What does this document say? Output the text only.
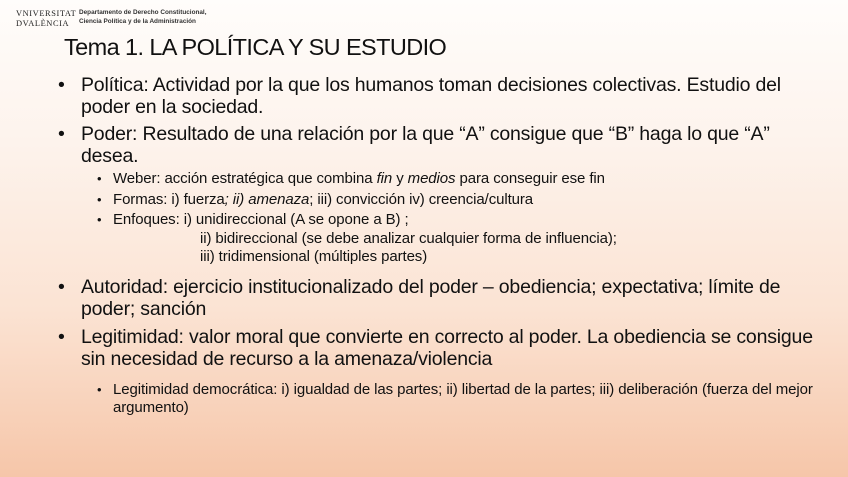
VNIVERSITAT
DVALÈNCIA
Departamento de Derecho Constitucional,
Ciencia Política y de la Administración
Tema 1. LA POLÍTICA Y SU ESTUDIO
• Política: Actividad por la que los humanos toman decisiones colectivas. Estudio del poder en la sociedad.
• Poder: Resultado de una relación por la que “A” consigue que “B” haga lo que “A” desea.
• Weber: acción estratégica que combina fin y medios para conseguir ese fin
• Formas: i) fuerza; ii) amenaza; iii) convicción iv) creencia/cultura
• Enfoques: i) unidireccional (A se opone a B) ;
ii) bidireccional (se debe analizar cualquier forma de influencia);
iii) tridimensional (múltiples partes)
• Autoridad: ejercicio institucionalizado del poder – obediencia; expectativa; límite de poder; sanción
• Legitimidad: valor moral que convierte en correcto al poder. La obediencia se consigue sin necesidad de recurso a la amenaza/violencia
• Legitimidad democrática: i) igualdad de las partes; ii) libertad de la partes; iii) deliberación (fuerza del mejor argumento)
